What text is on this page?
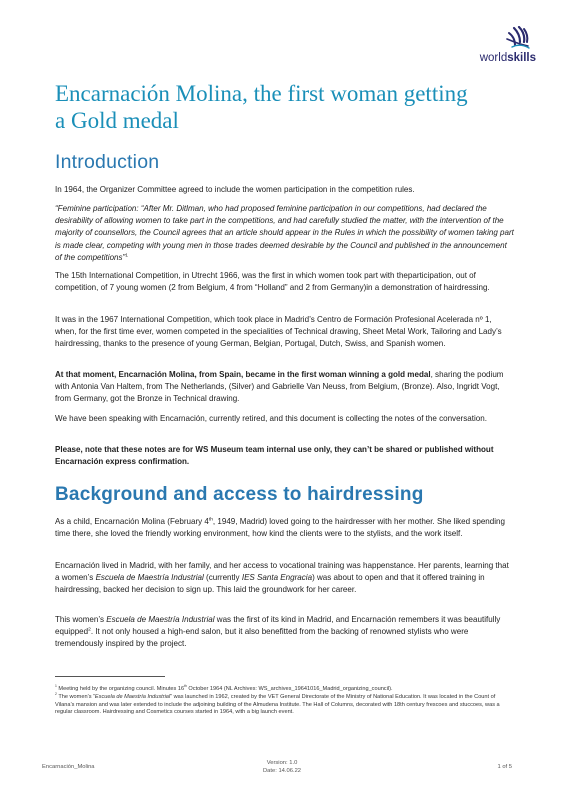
worldskills
Encarnación Molina, the first woman getting a Gold medal
Introduction

In 1964, the Organizer Committee agreed to include the women participation in the competition rules.

“Feminine participation: “After Mr. Ditlman, who had proposed feminine participation in our competitions, had declared the desirability of allowing women to take part in the competitions, and had carefully studied the matter, with the intervention of the majority of counsellors, the Council agrees that an article should appear in the Rules in which the possibility of women taking part is made clear, competing with young men in those trades deemed desirable by the Council and published in the announcement of the competitions”$^1$

The 15th International Competition, in Utrecht 1966, was the first in which women took part with theparticipation, out of competition, of 7 young women (2 from Belgium, 4 from “Holland” and 2 from Germany)in a demonstration of hairdressing.

It was in the 1967 International Competition, which took place in Madrid’s Centro de Formación Profesional Acelerada nº 1, when, for the first time ever, women competed in the specialities of Technical drawing, Sheet Metal Work, Tailoring and Lady’s hairdressing, thanks to the presence of young German, Belgian, Portugal, Dutch, Swiss, and Spanish women.

At that moment, Encarnación Molina, from Spain, became in the first woman winning a gold medal, sharing the podium with Antonia Van Haltem, from The Netherlands, (Silver) and Gabrielle Van Neuss, from Belgium, (Bronze). Also, Ingridt Vogt, from Germany, got the Bronze in Technical drawing.

We have been speaking with Encarnación, currently retired, and this document is collecting the notes of the conversation.

Please, note that these notes are for WS Museum team internal use only, they can’t be shared or published without Encarnación express confirmation.

Background and access to hairdressing

As a child, Encarnación Molina (February 4th, 1949, Madrid) loved going to the hairdresser with her mother. She liked spending time there, she loved the friendly working environment, how kind the clients were to the stylists, and the work itself.

Encarnación lived in Madrid, with her family, and her access to vocational training was happenstance. Her parents, learning that a women’s Escuela de Maestría Industrial (currently IES Santa Engracia) was about to open and that it offered training in hairdressing, backed her decision to sign up. This laid the groundwork for her career.

This women’s Escuela de Maestría Industrial was the first of its kind in Madrid, and Encarnación remembers it was beautifully equipped$^2$. It not only housed a high-end salon, but it also benefitted from the backing of renowned stylists who were tremendously inspired by the project.

$^1$ Meeting held by the organizing council. Minutes 16th October 1964 (NL Archives: WS_archives_19641016_Madrid_organizing_council).

$^2$ The women’s “Escuela de Maestría Industrial” was launched in 1962, created by the VET General Directorate of the Ministry of National Education. It was located in the Count of Vilana’s mansion and was later extended to include the adjoining building of the Almudena Institute. The Hall of Columns, decorated with 18th century frescoes and stuccoes, was a regular classroom. Hairdressing and Cosmetics courses started in 1964, with a big launch event.

Encarnación_Molina
Version: 1.0
Date: 14.06.22
1 of 5
